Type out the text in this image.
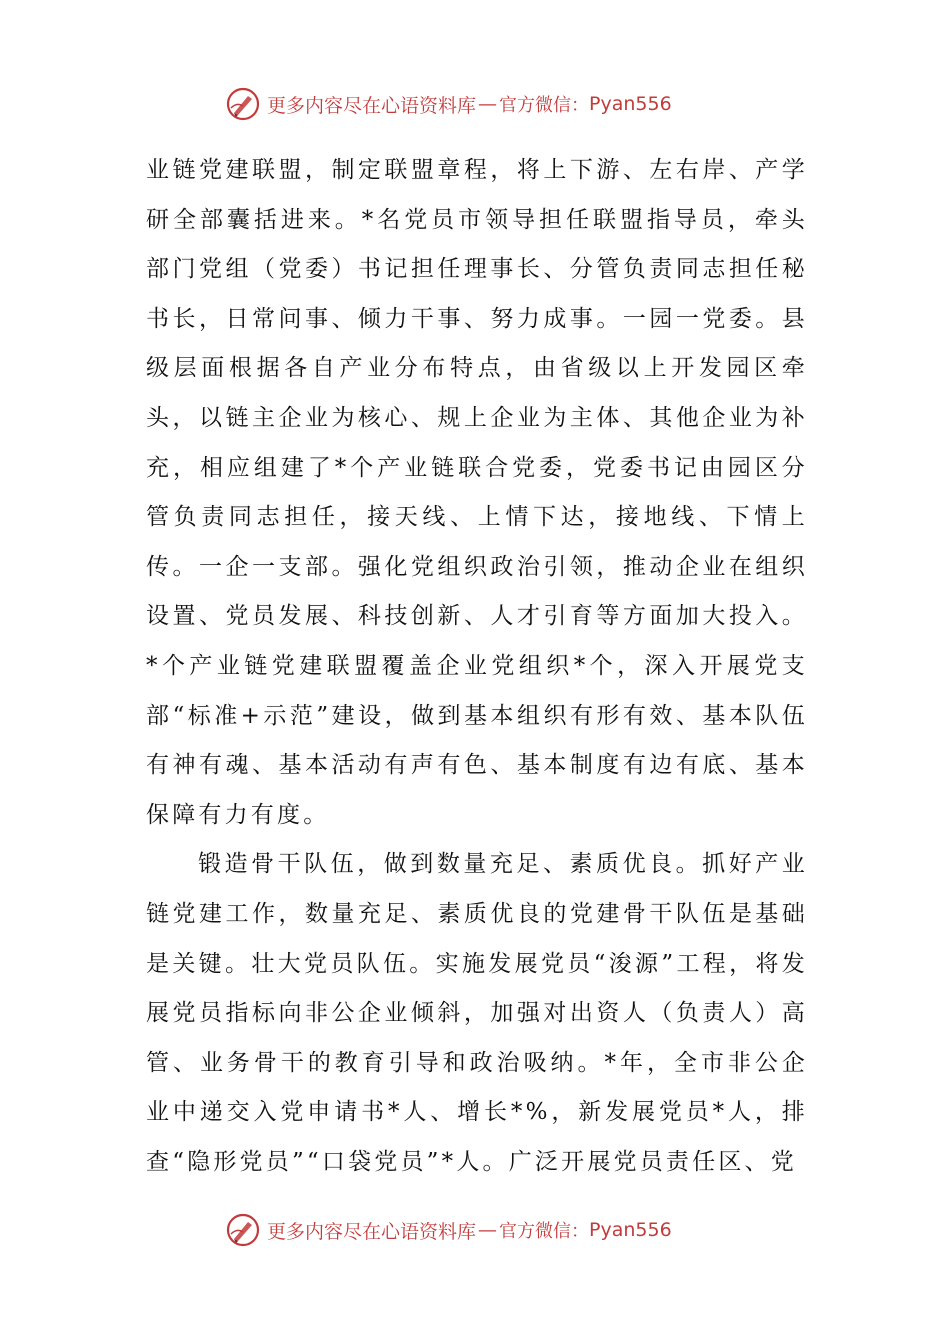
更多内容尽在心语资料库 — 官方微信： Pyan556

业链党建联盟，制定联盟章程，将上下游、左右岸、产学研全部囊括进来。*名党员市领导担任联盟指导员，牵头部门党组（党委）书记担任理事长、分管负责同志担任秘书长，日常问事、倾力干事、努力成事。一园一党委。县级层面根据各自产业分布特点，由省级以上开发园区牵头，以链主企业为核心、规上企业为主体、其他企业为补充，相应组建了*个产业链联合党委，党委书记由园区分管负责同志担任，接天线、上情下达，接地线、下情上传。一企一支部。强化党组织政治引领，推动企业在组织设置、党员发展、科技创新、人才引育等方面加大投入。*个产业链党建联盟覆盖企业党组织*个，深入开展党支部“标准+示范”建设，做到基本组织有形有效、基本队伍有神有魂、基本活动有声有色、基本制度有边有底、基本保障有力有度。

锻造骨干队伍，做到数量充足、素质优良。抓好产业链党建工作，数量充足、素质优良的党建骨干队伍是基础是关键。壮大党员队伍。实施发展党员“浚源”工程，将发展党员指标向非公企业倾斜，加强对出资人（负责人）高管、业务骨干的教育引导和政治吸纳。*年，全市非公企业中递交入党申请书*人、增长*%，新发展党员*人，排查“隐形党员”“口袋党员”*人。广泛开展党员责任区、党

更多内容尽在心语资料库 — 官方微信： Pyan556
